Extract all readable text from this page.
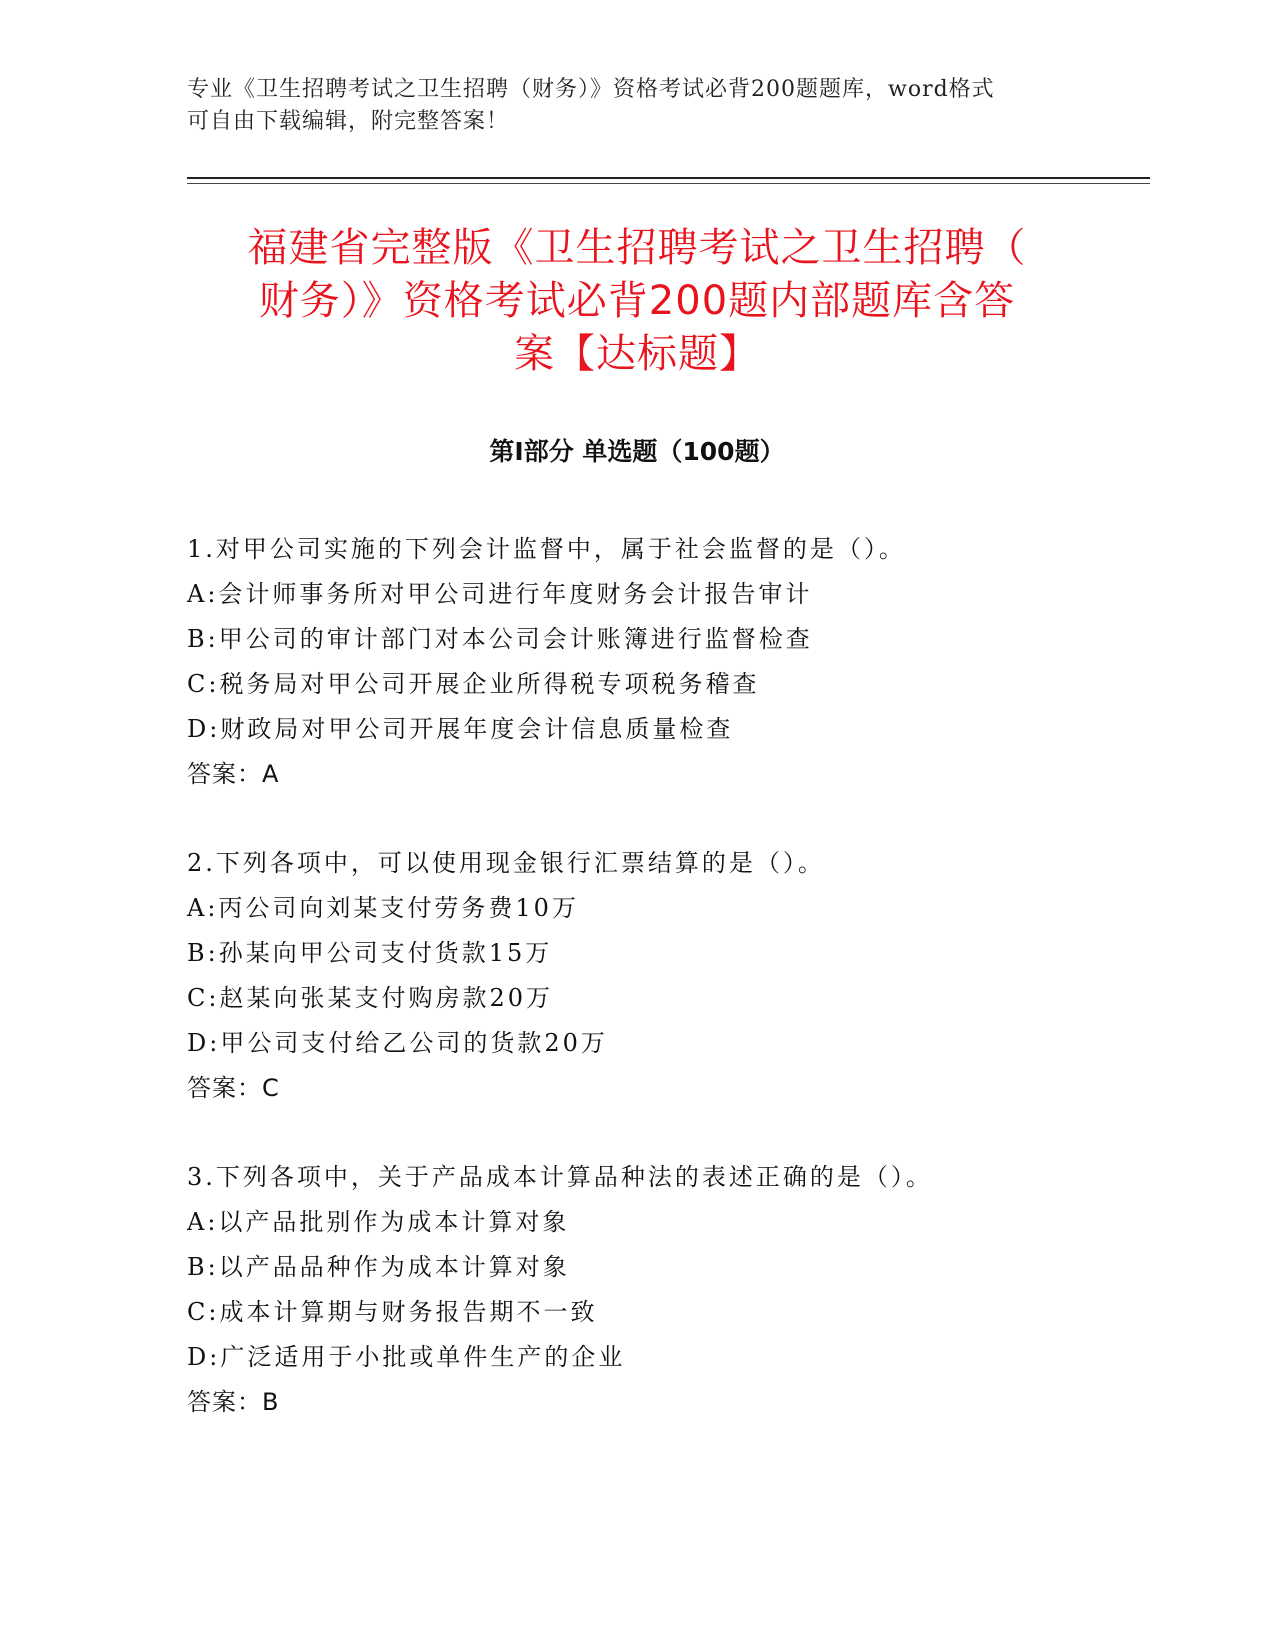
专业《卫生招聘考试之卫生招聘（财务）》资格考试必背200题题库，word格式
可自由下载编辑，附完整答案！
福建省完整版《卫生招聘考试之卫生招聘（
财务）》资格考试必背200题内部题库含答
案【达标题】
第Ⅰ部分 单选题（100题）
1.对甲公司实施的下列会计监督中，属于社会监督的是（）。
A:会计师事务所对甲公司进行年度财务会计报告审计
B:甲公司的审计部门对本公司会计账簿进行监督检查
C:税务局对甲公司开展企业所得税专项税务稽查
D:财政局对甲公司开展年度会计信息质量检查
答案：A
2.下列各项中，可以使用现金银行汇票结算的是（）。
A:丙公司向刘某支付劳务费10万
B:孙某向甲公司支付货款15万
C:赵某向张某支付购房款20万
D:甲公司支付给乙公司的货款20万
答案：C
3.下列各项中，关于产品成本计算品种法的表述正确的是（）。
A:以产品批别作为成本计算对象
B:以产品品种作为成本计算对象
C:成本计算期与财务报告期不一致
D:广泛适用于小批或单件生产的企业
答案：B
